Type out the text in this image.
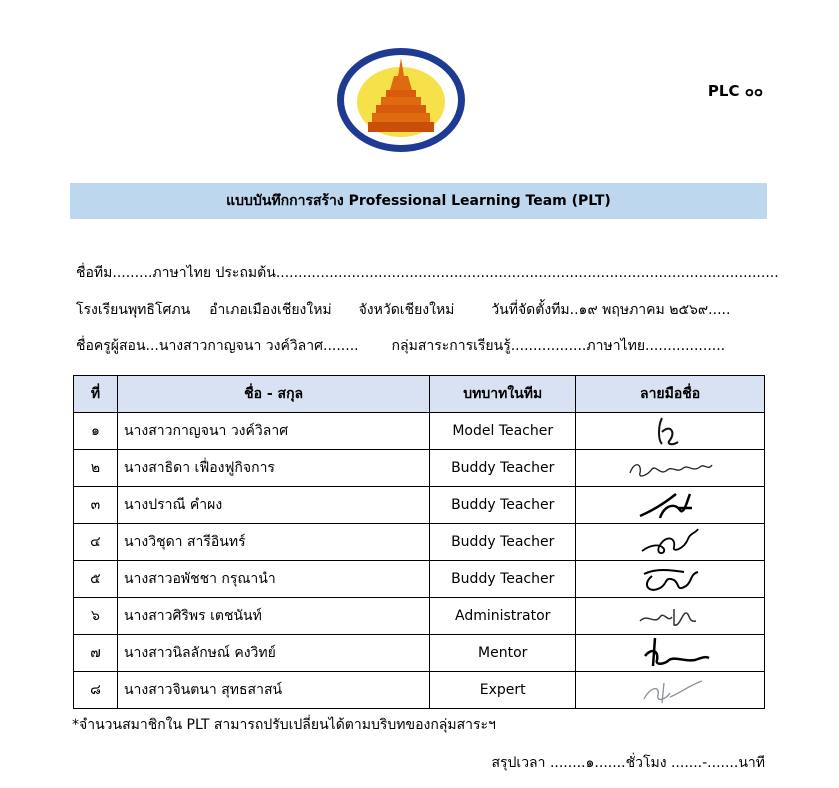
PLC ๐๐
แบบบันทึกการสร้าง Professional Learning Team (PLT)
ชื่อทีม.........ภาษาไทย ประถมต้น.................................................................................................................
โรงเรียนพุทธิโศภน อำเภอเมืองเชียงใหม่ จังหวัดเชียงใหม่	วันที่จัดตั้งทีม..๑๙ พฤษภาคม ๒๕๖๙.....
ชื่อครูผู้สอน...นางสาวกาญจนา วงค์วิลาศ........ กลุ่มสาระการเรียนรู้.................ภาษาไทย..................
ที่	ชื่อ - สกุล	บทบาทในทีม	ลายมือชื่อ
๑	นางสาวกาญจนา วงค์วิลาศ	Model Teacher	

๒	นางสาธิดา เฟื่องฟูกิจการ	Buddy Teacher	

๓	นางปราณี คำผง	Buddy Teacher	

๔	นางวิชุดา สารีอินทร์	Buddy Teacher	

๕	นางสาวอพัชชา กรุณานำ	Buddy Teacher	

๖	นางสาวศิริพร เตชนันท์	Administrator	

๗	นางสาวนิลลักษณ์ คงวิทย์	Mentor	

๘	นางสาวจินตนา สุทธสาสน์	Expert	
*จำนวนสมาชิกใน PLT สามารถปรับเปลี่ยนได้ตามบริบทของกลุ่มสาระฯ
สรุปเวลา ........๑.......ชั่วโมง .......-.......นาที
